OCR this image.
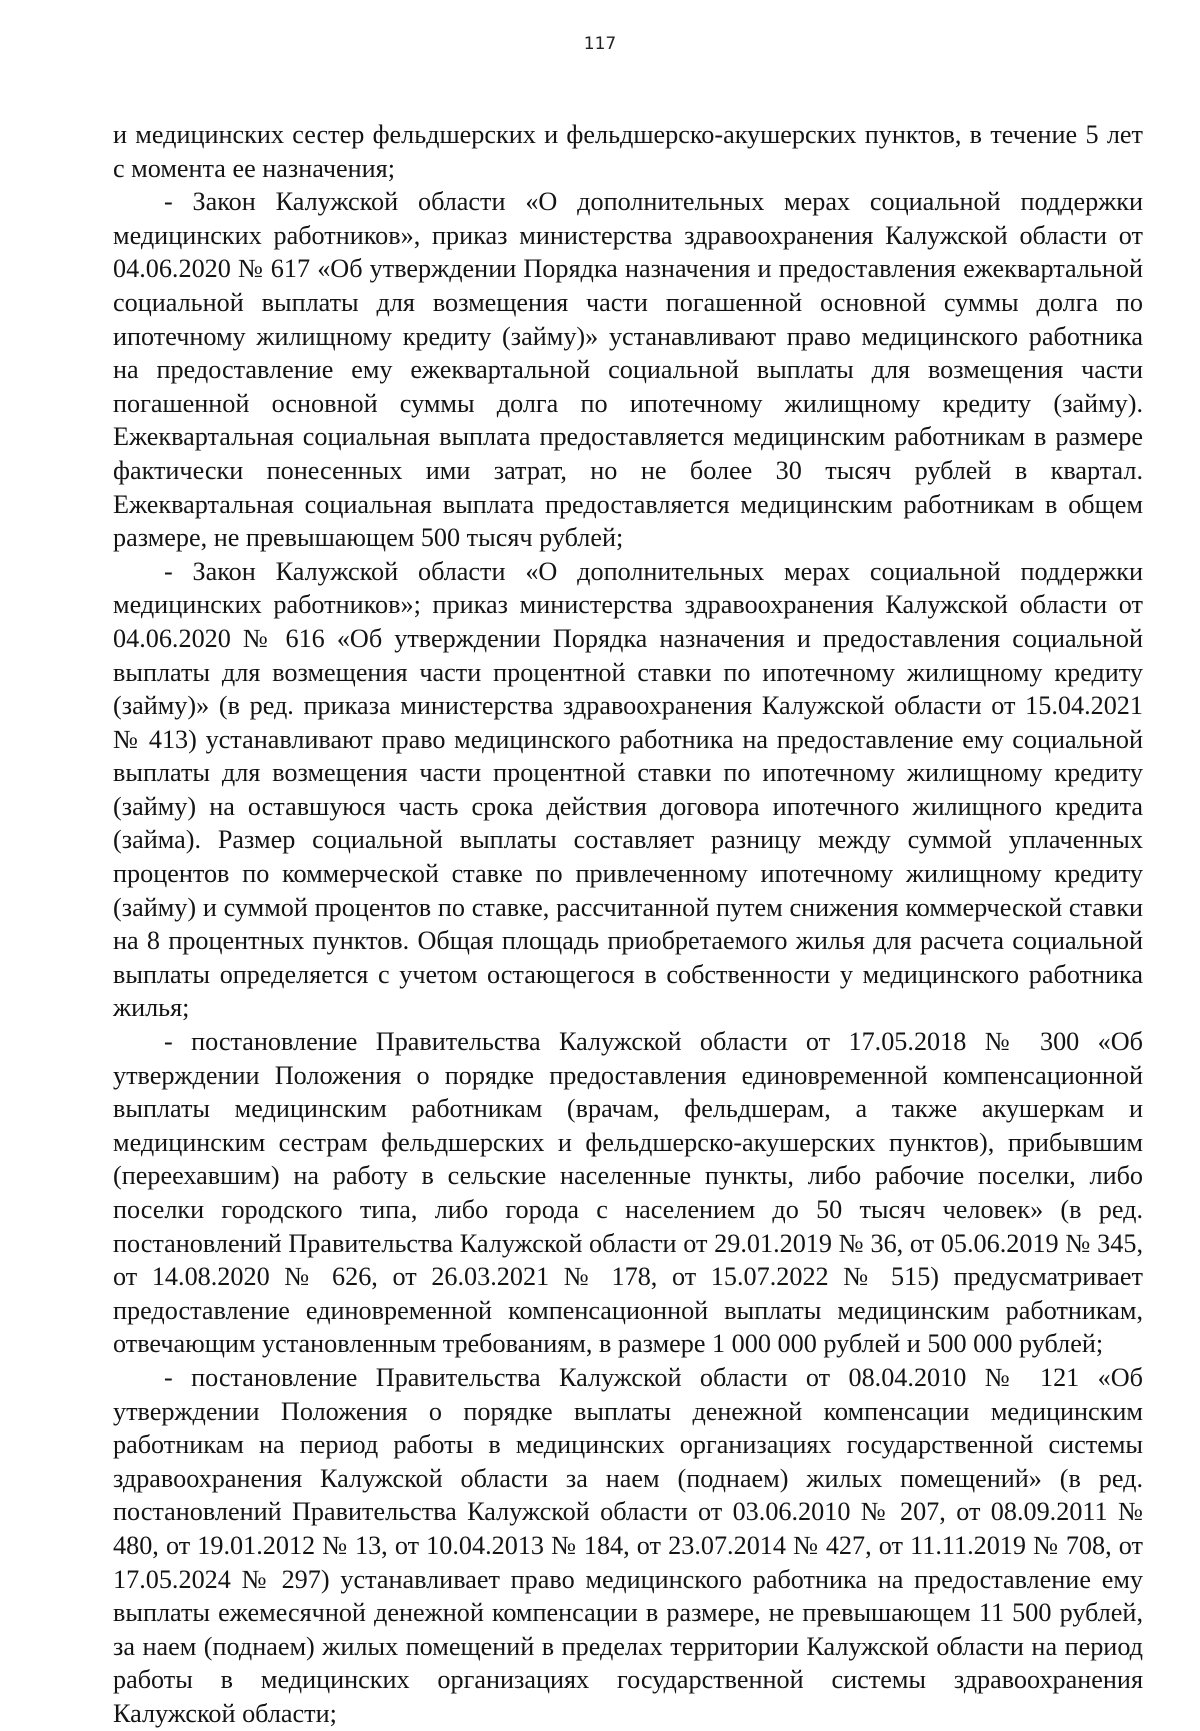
117

и медицинских сестер фельдшерских и фельдшерско-акушерских пунктов, в течение 5 лет с момента ее назначения;

- Закон Калужской области «О дополнительных мерах социальной поддержки медицинских работников», приказ министерства здравоохранения Калужской области от 04.06.2020 № 617 «Об утверждении Порядка назначения и предоставления ежеквартальной социальной выплаты для возмещения части погашенной основной суммы долга по ипотечному жилищному кредиту (займу)» устанавливают право медицинского работника на предоставление ему ежеквартальной социальной выплаты для возмещения части погашенной основной суммы долга по ипотечному жилищному кредиту (займу). Ежеквартальная социальная выплата предоставляется медицинским работникам в размере фактически понесенных ими затрат, но не более 30 тысяч рублей в квартал. Ежеквартальная социальная выплата предоставляется медицинским работникам в общем размере, не превышающем 500 тысяч рублей;

- Закон Калужской области «О дополнительных мерах социальной поддержки медицинских работников»; приказ министерства здравоохранения Калужской области от 04.06.2020 № 616 «Об утверждении Порядка назначения и предоставления социальной выплаты для возмещения части процентной ставки по ипотечному жилищному кредиту (займу)» (в ред. приказа министерства здравоохранения Калужской области от 15.04.2021 № 413) устанавливают право медицинского работника на предоставление ему социальной выплаты для возмещения части процентной ставки по ипотечному жилищному кредиту (займу) на оставшуюся часть срока действия договора ипотечного жилищного кредита (займа). Размер социальной выплаты составляет разницу между суммой уплаченных процентов по коммерческой ставке по привлеченному ипотечному жилищному кредиту (займу) и суммой процентов по ставке, рассчитанной путем снижения коммерческой ставки на 8 процентных пунктов. Общая площадь приобретаемого жилья для расчета социальной выплаты определяется с учетом остающегося в собственности у медицинского работника жилья;

- постановление Правительства Калужской области от 17.05.2018 № 300 «Об утверждении Положения о порядке предоставления единовременной компенсационной выплаты медицинским работникам (врачам, фельдшерам, а также акушеркам и медицинским сестрам фельдшерских и фельдшерско-акушерских пунктов), прибывшим (переехавшим) на работу в сельские населенные пункты, либо рабочие поселки, либо поселки городского типа, либо города с населением до 50 тысяч человек» (в ред. постановлений Правительства Калужской области от 29.01.2019 № 36, от 05.06.2019 № 345, от 14.08.2020 № 626, от 26.03.2021 № 178, от 15.07.2022 № 515) предусматривает предоставление единовременной компенсационной выплаты медицинским работникам, отвечающим установленным требованиям, в размере 1 000 000 рублей и 500 000 рублей;

- постановление Правительства Калужской области от 08.04.2010 № 121 «Об утверждении Положения о порядке выплаты денежной компенсации медицинским работникам на период работы в медицинских организациях государственной системы здравоохранения Калужской области за наем (поднаем) жилых помещений» (в ред. постановлений Правительства Калужской области от 03.06.2010 № 207, от 08.09.2011 № 480, от 19.01.2012 № 13, от 10.04.2013 № 184, от 23.07.2014 № 427, от 11.11.2019 № 708, от 17.05.2024 № 297) устанавливает право медицинского работника на предоставление ему выплаты ежемесячной денежной компенсации в размере, не превышающем 11 500 рублей, за наем (поднаем) жилых помещений в пределах территории Калужской области на период работы в медицинских организациях государственной системы здравоохранения Калужской области;
